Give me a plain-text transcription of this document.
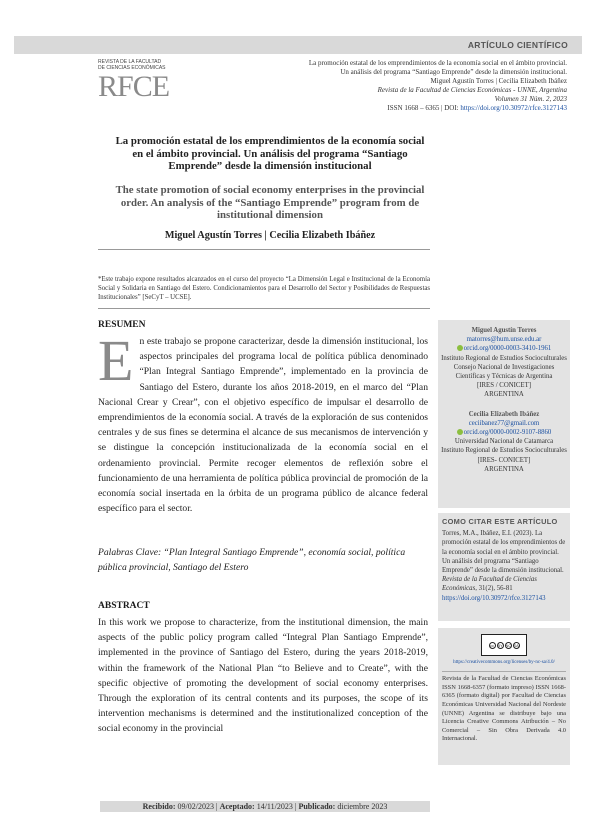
ARTÍCULO CIENTÍFICO
REVISTA DE LA FACULTAD
DE CIENCIAS ECONÓMICAS
RFCE
La promoción estatal de los emprendimientos de la economía social en el ámbito provincial.
Un análisis del programa “Santiago Emprende” desde la dimensión institucional.
Miguel Agustín Torres | Cecilia Elizabeth Ibáñez
Revista de la Facultad de Ciencias Económicas - UNNE, Argentina
Volumen 31 Núm. 2, 2023
ISSN 1668 – 6365 | DOI: https://doi.org/10.30972/rfce.3127143
La promoción estatal de los emprendimientos de la economía social en el ámbito provincial. Un análisis del programa “Santiago Emprende” desde la dimensión institucional
The state promotion of social economy enterprises in the provincial order. An analysis of the “Santiago Emprende” program from de institutional dimension
Miguel Agustín Torres | Cecilia Elizabeth Ibáñez
*Este trabajo expone resultados alcanzados en el curso del proyecto “La Dimensión Legal e Institucional de la Economía Social y Solidaria en Santiago del Estero. Condicionamientos para el Desarrollo del Sector y Posibilidades de Respuestas Institucionales” [SeCyT – UCSE].
RESUMEN
En este trabajo se propone caracterizar, desde la dimensión institucional, los aspectos principales del programa local de política pública denominado “Plan Integral Santiago Emprende”, implementado en la provincia de Santiago del Estero, durante los años 2018-2019, en el marco del “Plan Nacional Crear y Crear”, con el objetivo específico de impulsar el desarrollo de emprendimientos de la economía social. A través de la exploración de sus contenidos centrales y de sus fines se determina el alcance de sus mecanismos de intervención y se distingue la concepción institucionalizada de la economía social en el ordenamiento provincial. Permite recoger elementos de reflexión sobre el funcionamiento de una herramienta de política pública provincial de promoción de la economía social insertada en la órbita de un programa público de alcance federal específico para el sector.
Palabras Clave: “Plan Integral Santiago Emprende”, economía social, política pública provincial, Santiago del Estero
ABSTRACT
In this work we propose to characterize, from the institutional dimension, the main aspects of the public policy program called “Integral Plan Santiago Emprende”, implemented in the province of Santiago del Estero, during the years 2018-2019, within the framework of the National Plan “to Believe and to Create”, with the specific objective of promoting the development of social economy enterprises. Through the exploration of its central contents and its purposes, the scope of its intervention mechanisms is determined and the institutionalized conception of the social economy in the provincial
Miguel Agustín Torres
matorres@hum.unse.edu.ar
orcid.org/0000-0003-3410-1961
Instituto Regional de Estudios Socioculturales
Consejo Nacional de Investigaciones
Científicas y Técnicas de Argentina
[IRES / CONICET]
ARGENTINA
Cecilia Elizabeth Ibáñez
ceciibanez77@gmail.com
orcid.org/0000-0002-9107-8860
Universidad Nacional de Catamarca
Instituto Regional de Estudios Socioculturales
[IRES- CONICET]
ARGENTINA
COMO CITAR ESTE ARTÍCULO
Torres, M.A., Ibáñez, E.I. (2023). La promoción estatal de los emprendimientos de la economía social en el ámbito provincial. Un análisis del programa “Santiago Emprende” desde la dimensión institucional. Revista de la Facultad de Ciencias Económicas, 31(2), 56-81
https://doi.org/10.30972/rfce.3127143
cc BY NC SA
https://creativecommons.org/licenses/by-nc-sa/4.0/
Revista de la Facultad de Ciencias Económicas ISSN 1668-6357 (formato impreso) ISSN 1668-6365 (formato digital) por Facultad de Ciencias Económicas Universidad Nacional del Nordeste (UNNE) Argentina se distribuye bajo una Licencia Creative Commons Atribución – No Comercial – Sin Obra Derivada 4.0 Internacional.
Recibido: 09/02/2023 | Aceptado: 14/11/2023 | Publicado: diciembre 2023
